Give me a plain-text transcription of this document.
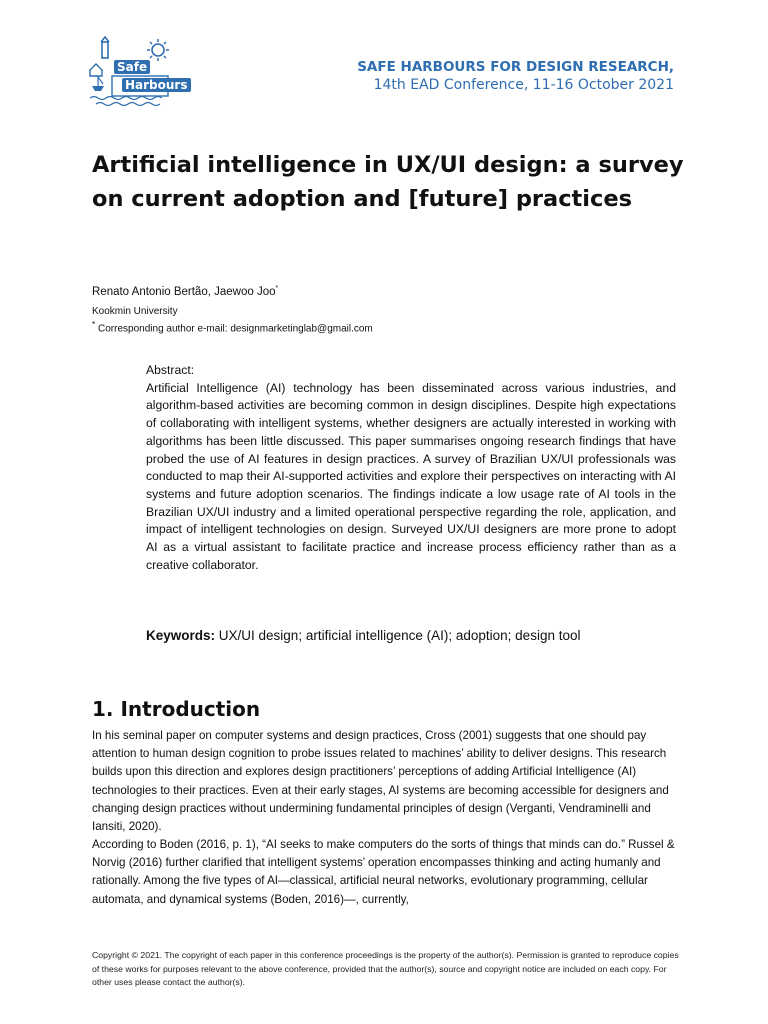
Safe
Harbours
SAFE HARBOURS FOR DESIGN RESEARCH,
14th EAD Conference, 11-16 October 2021
Artificial intelligence in UX/UI design: a survey on current adoption and [future] practices
Renato Antonio Bertão, Jaewoo Joo*
Kookmin University
* Corresponding author e-mail: designmarketinglab@gmail.com

Abstract:

Artificial Intelligence (AI) technology has been disseminated across various industries, and algorithm-based activities are becoming common in design disciplines. Despite high expectations of collaborating with intelligent systems, whether designers are actually interested in working with algorithms has been little discussed. This paper summarises ongoing research findings that have probed the use of AI features in design practices. A survey of Brazilian UX/UI professionals was conducted to map their AI-supported activities and explore their perspectives on interacting with AI systems and future adoption scenarios. The findings indicate a low usage rate of AI tools in the Brazilian UX/UI industry and a limited operational perspective regarding the role, application, and impact of intelligent technologies on design. Surveyed UX/UI designers are more prone to adopt AI as a virtual assistant to facilitate practice and increase process efficiency rather than as a creative collaborator.

Keywords: UX/UI design; artificial intelligence (AI); adoption; design tool
1. Introduction

In his seminal paper on computer systems and design practices, Cross (2001) suggests that one should pay attention to human design cognition to probe issues related to machines’ ability to deliver designs. This research builds upon this direction and explores design practitioners’ perceptions of adding Artificial Intelligence (AI) technologies to their practices. Even at their early stages, AI systems are becoming accessible for designers and changing design practices without undermining fundamental principles of design (Verganti, Vendraminelli and Iansiti, 2020).

According to Boden (2016, p. 1), “AI seeks to make computers do the sorts of things that minds can do.” Russel & Norvig (2016) further clarified that intelligent systems’ operation encompasses thinking and acting humanly and rationally. Among the five types of AI—classical, artificial neural networks, evolutionary programming, cellular automata, and dynamical systems (Boden, 2016)—, currently,

Copyright © 2021. The copyright of each paper in this conference proceedings is the property of the author(s). Permission is granted to reproduce copies of these works for purposes relevant to the above conference, provided that the author(s), source and copyright notice are included on each copy. For other uses please contact the author(s).
